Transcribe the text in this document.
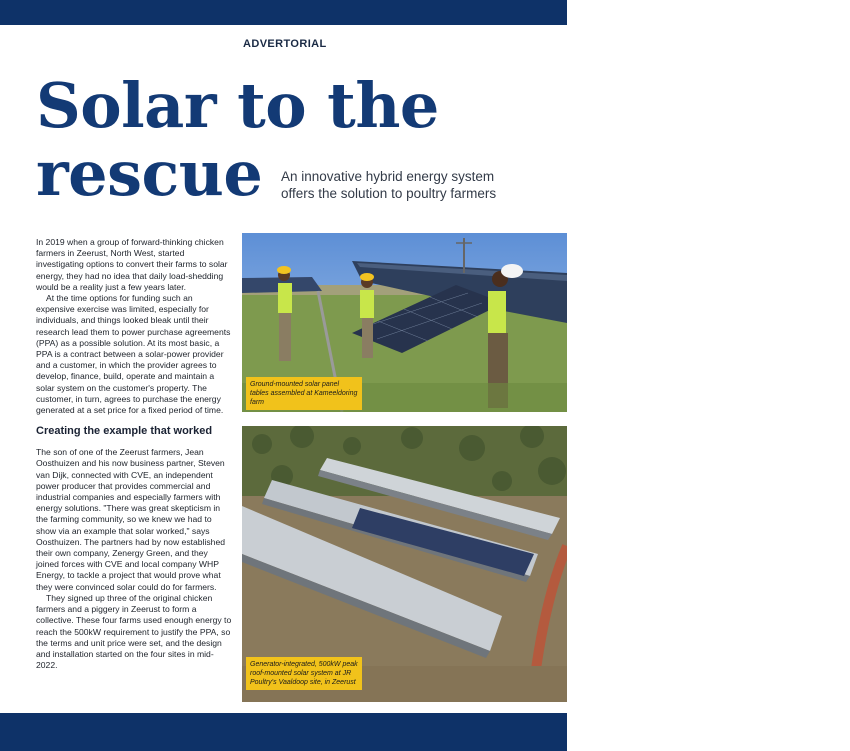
ADVERTORIAL
Solar to the
rescue	An innovative hybrid energy system offers the solution to poultry farmers

In 2019 when a group of forward-thinking chicken farmers in Zeerust, North West, started investigating options to convert their farms to solar energy, they had no idea that daily load-shedding would be a reality just a few years later.

At the time options for funding such an expensive exercise was limited, especially for individuals, and things looked bleak until their research lead them to power purchase agreements (PPA) as a possible solution. At its most basic, a PPA is a contract between a solar-power provider and a customer, in which the provider agrees to develop, finance, build, operate and maintain a solar system on the customer's property. The customer, in turn, agrees to purchase the energy generated at a set price for a fixed period of time.

Creating the example that worked

The son of one of the Zeerust farmers, Jean Oosthuizen and his now business partner, Steven van Dijk, connected with CVE, an independent power producer that provides commercial and industrial companies and especially farmers with energy solutions. "There was great skepticism in the farming community, so we knew we had to show via an example that solar worked," says Oosthuizen. The partners had by now established their own company, Zenergy Green, and they joined forces with CVE and local company WHP Energy, to tackle a project that would prove what they were convinced solar could do for farmers.

They signed up three of the original chicken farmers and a piggery in Zeerust to form a collective. These four farms used enough energy to reach the 500kW requirement to justify the PPA, so the terms and unit price were set, and the design and installation started on the four sites in mid-2022.

Ground-mounted solar panel tables assembled at Kameeldoring farm
Generator-integrated, 500kW peak roof-mounted solar system at JR Poultry's Vaaldoop site, in Zeerust
